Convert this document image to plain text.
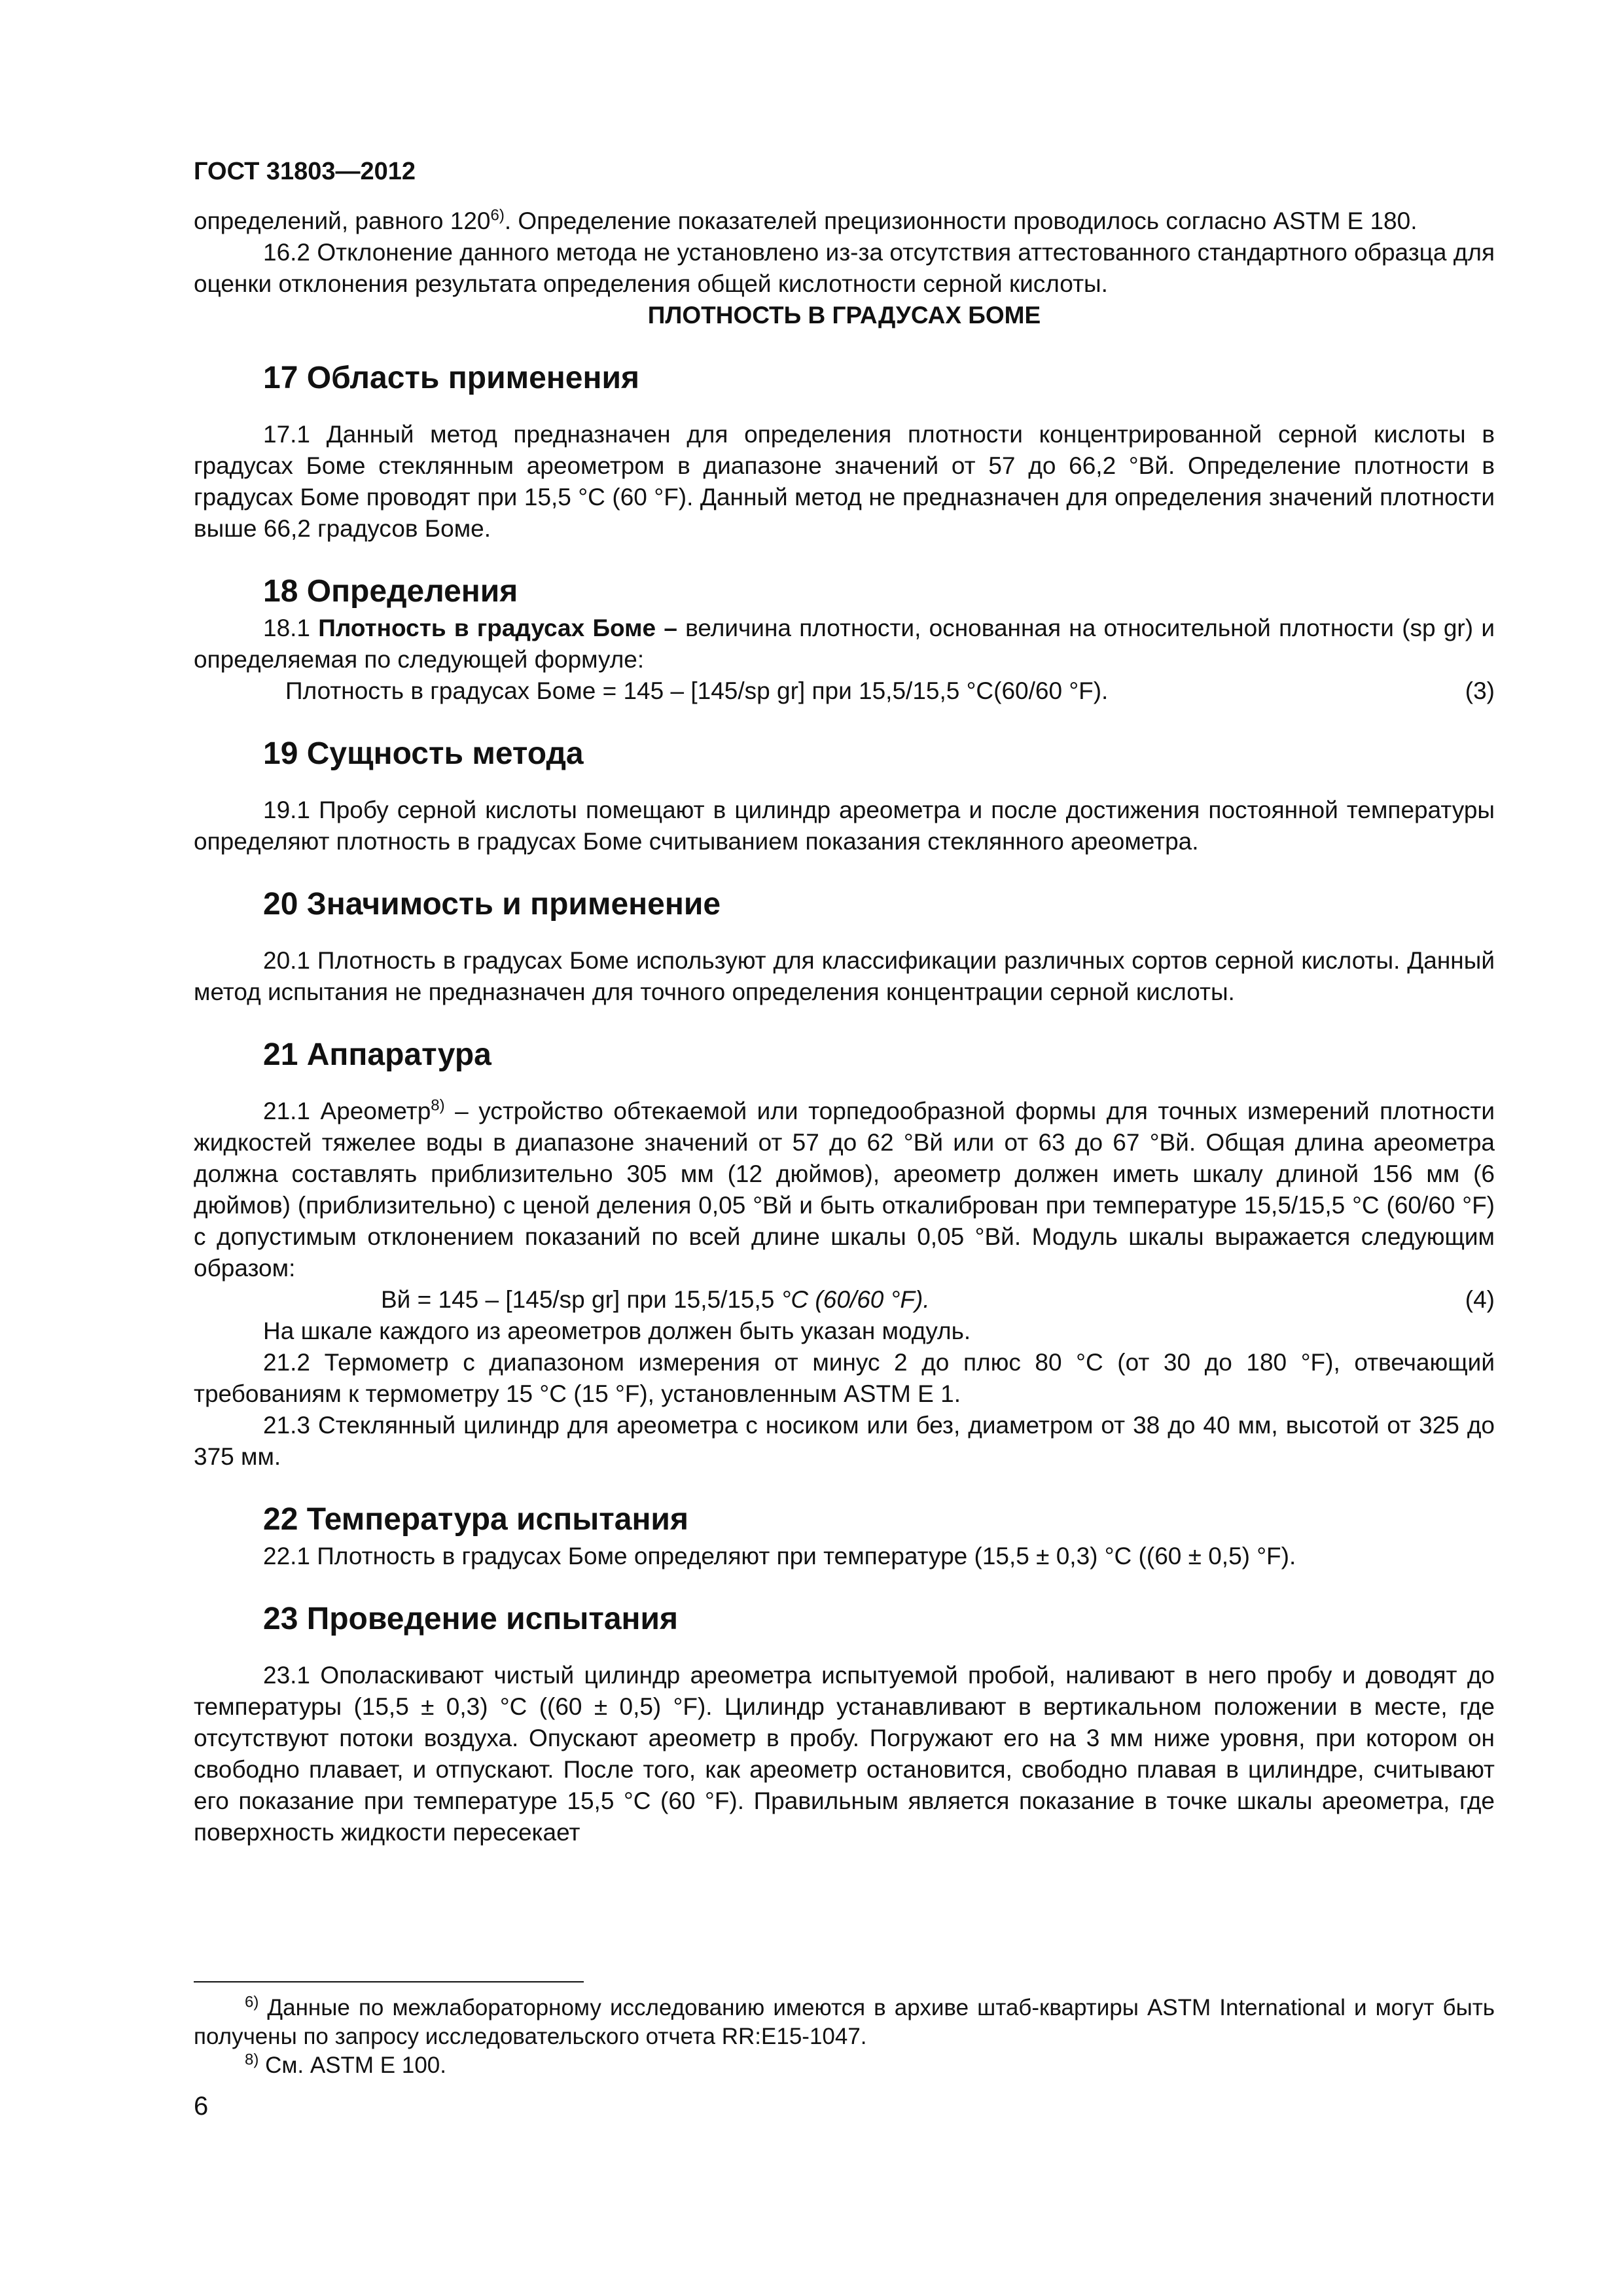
ГОСТ 31803—2012

определений, равного 120$^{6)}$. Определение показателей прецизионности проводилось согласно ASTM E 180.

16.2 Отклонение данного метода не установлено из-за отсутствия аттестованного стандартного образца для оценки отклонения результата определения общей кислотности серной кислоты.

ПЛОТНОСТЬ В ГРАДУСАХ БОМЕ

17 Область применения

17.1 Данный метод предназначен для определения плотности концентрированной серной кислоты в градусах Боме стеклянным ареометром в диапазоне значений от 57 до 66,2 °Вй. Определение плотности в градусах Боме проводят при 15,5 °С (60 °F). Данный метод не предназначен для определения значений плотности выше 66,2 градусов Боме.

18 Определения

18.1 Плотность в градусах Боме – величина плотности, основанная на относительной плотности (sp gr) и определяемая по следующей формуле:

Плотность в градусах Боме = 145 – [145/sp gr] при 15,5/15,5 °С(60/60 °F).	(3)
19 Сущность метода

19.1 Пробу серной кислоты помещают в цилиндр ареометра и после достижения постоянной температуры определяют плотность в градусах Боме считыванием показания стеклянного ареометра.

20 Значимость и применение

20.1 Плотность в градусах Боме используют для классификации различных сортов серной кислоты. Данный метод испытания не предназначен для точного определения концентрации серной кислоты.

21 Аппаратура

21.1 Ареометр$^{8)}$ – устройство обтекаемой или торпедообразной формы для точных измерений плотности жидкостей тяжелее воды в диапазоне значений от 57 до 62 °Вй или от 63 до 67 °Вй. Общая длина ареометра должна составлять приблизительно 305 мм (12 дюймов), ареометр должен иметь шкалу длиной 156 мм (6 дюймов) (приблизительно) с ценой деления 0,05 °Вй и быть откалиброван при температуре 15,5/15,5 °С (60/60 °F) с допустимым отклонением показаний по всей длине шкалы 0,05 °Вй. Модуль шкалы выражается следующим образом:

Вй = 145 – [145/sp gr] при 15,5/15,5 °С (60/60 °F).	(4)

На шкале каждого из ареометров должен быть указан модуль.

21.2 Термометр с диапазоном измерения от минус 2 до плюс 80 °С (от 30 до 180 °F), отвечающий требованиям к термометру 15 °С (15 °F), установленным ASTM E 1.

21.3 Стеклянный цилиндр для ареометра с носиком или без, диаметром от 38 до 40 мм, высотой от 325 до 375 мм.

22 Температура испытания

22.1 Плотность в градусах Боме определяют при температуре (15,5 ± 0,3) °С ((60 ± 0,5) °F).

23 Проведение испытания

23.1 Ополаскивают чистый цилиндр ареометра испытуемой пробой, наливают в него пробу и доводят до температуры (15,5 ± 0,3) °С ((60 ± 0,5) °F). Цилиндр устанавливают в вертикальном положении в месте, где отсутствуют потоки воздуха. Опускают ареометр в пробу. Погружают его на 3 мм ниже уровня, при котором он свободно плавает, и отпускают. После того, как ареометр остановится, свободно плавая в цилиндре, считывают его показание при температуре 15,5 °С (60 °F). Правильным является показание в точке шкалы ареометра, где поверхность жидкости пересекает

$^{6)}$ Данные по межлабораторному исследованию имеются в архиве штаб-квартиры ASTM International и могут быть получены по запросу исследовательского отчета RR:E15-1047.

$^{8)}$ См. ASTM E 100.

6
